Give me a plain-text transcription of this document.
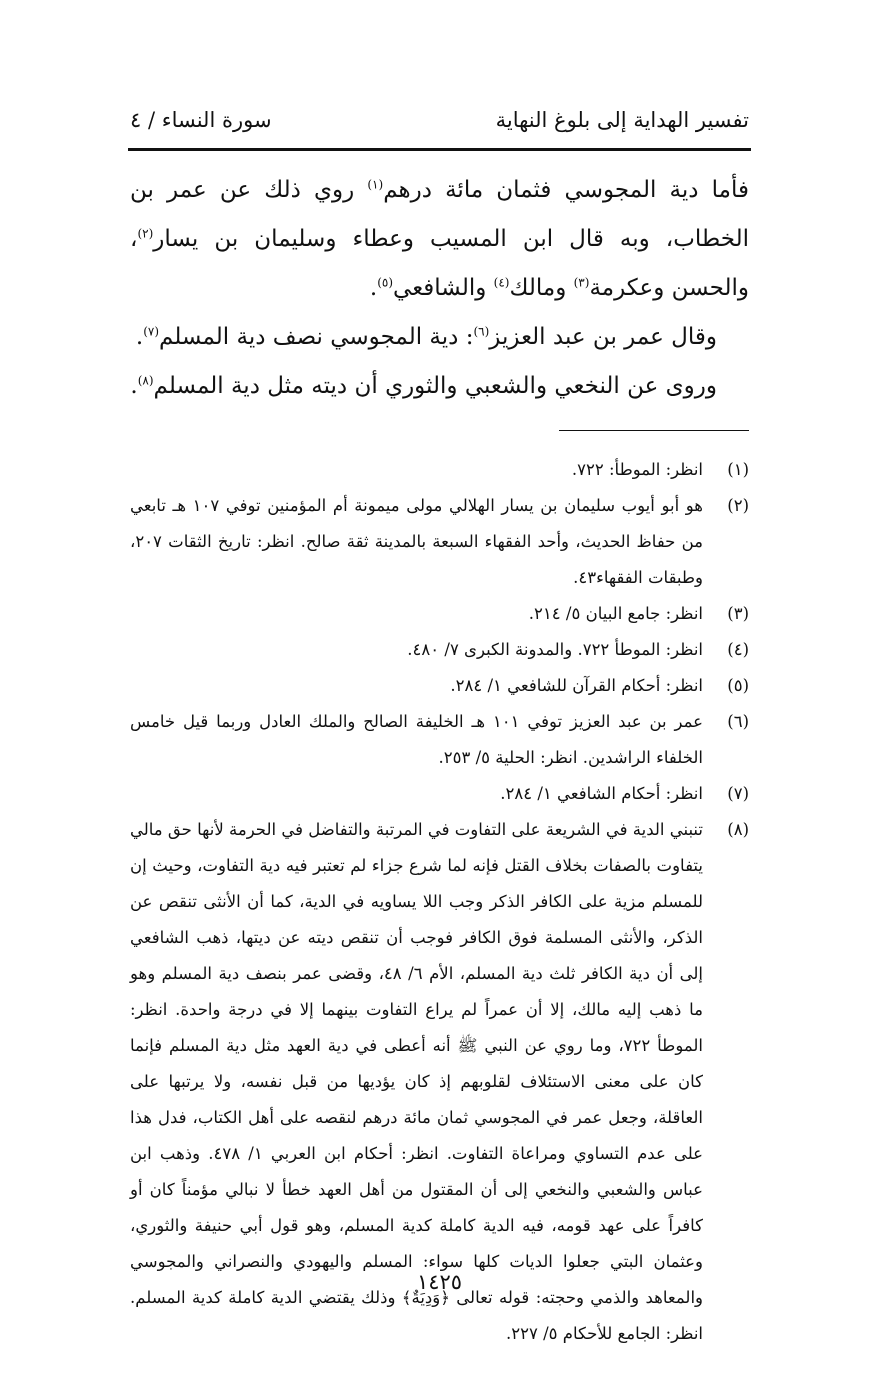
تفسير الهداية إلى بلوغ النهاية
سورة النساء / ٤

فأما دية المجوسي فثمان مائة درهم$^{(١)}$ روي ذلك عن عمر بن الخطاب، وبه قال ابن المسيب وعطاء وسليمان بن يسار$^{(٢)}$، والحسن وعكرمة$^{(٣)}$ ومالك$^{(٤)}$ والشافعي$^{(٥)}$.

وقال عمر بن عبد العزيز$^{(٦)}$: دية المجوسي نصف دية المسلم$^{(٧)}$.

وروى عن النخعي والشعبي والثوري أن ديته مثل دية المسلم$^{(٨)}$.

(١)
انظر: الموطأ: ٧٢٢.
(٢)
هو أبو أيوب سليمان بن يسار الهلالي مولى ميمونة أم المؤمنين توفي ١٠٧ هـ تابعي من حفاظ الحديث، وأحد الفقهاء السبعة بالمدينة ثقة صالح. انظر: تاريخ الثقات ٢٠٧، وطبقات الفقهاء٤٣.
(٣)
انظر: جامع البيان ٥/ ٢١٤.
(٤)
انظر: الموطأ ٧٢٢. والمدونة الكبرى ٧/ ٤٨٠.
(٥)
انظر: أحكام القرآن للشافعي ١/ ٢٨٤.
(٦)
عمر بن عبد العزيز توفي ١٠١ هـ الخليفة الصالح والملك العادل وربما قيل خامس الخلفاء الراشدين. انظر: الحلية ٥/ ٢٥٣.
(٧)
انظر: أحكام الشافعي ١/ ٢٨٤.
(٨)
تنبني الدية في الشريعة على التفاوت في المرتبة والتفاضل في الحرمة لأنها حق مالي يتفاوت بالصفات بخلاف القتل فإنه لما شرع جزاء لم تعتبر فيه دية التفاوت، وحيث إن للمسلم مزية على الكافر الذكر وجب اللا يساويه في الدية، كما أن الأنثى تنقص عن الذكر، والأنثى المسلمة فوق الكافر فوجب أن تنقص ديته عن ديتها، ذهب الشافعي إلى أن دية الكافر ثلث دية المسلم، الأم ٦/ ٤٨، وقضى عمر بنصف دية المسلم وهو ما ذهب إليه مالك، إلا أن عمراً لم يراع التفاوت بينهما إلا في درجة واحدة. انظر: الموطأ ٧٢٢، وما روي عن النبي ﷺ أنه أعطى في دية العهد مثل دية المسلم فإنما كان على معنى الاستئلاف لقلوبهم إذ كان يؤديها من قبل نفسه، ولا يرتبها على العاقلة، وجعل عمر في المجوسي ثمان مائة درهم لنقصه على أهل الكتاب، فدل هذا على عدم التساوي ومراعاة التفاوت. انظر: أحكام ابن العربي ١/ ٤٧٨. وذهب ابن عباس والشعبي والنخعي إلى أن المقتول من أهل العهد خطأ لا نبالي مؤمناً كان أو كافراً على عهد قومه، فيه الدية كاملة كدية المسلم، وهو قول أبي حنيفة والثوري، وعثمان البتي جعلوا الديات كلها سواء: المسلم واليهودي والنصراني والمجوسي والمعاهد والذمي وحجته: قوله تعالى ﴿وَدِيَةٌ﴾ وذلك يقتضي الدية كاملة كدية المسلم. انظر: الجامع للأحكام ٥/ ٢٢٧.
١٤٢٥
